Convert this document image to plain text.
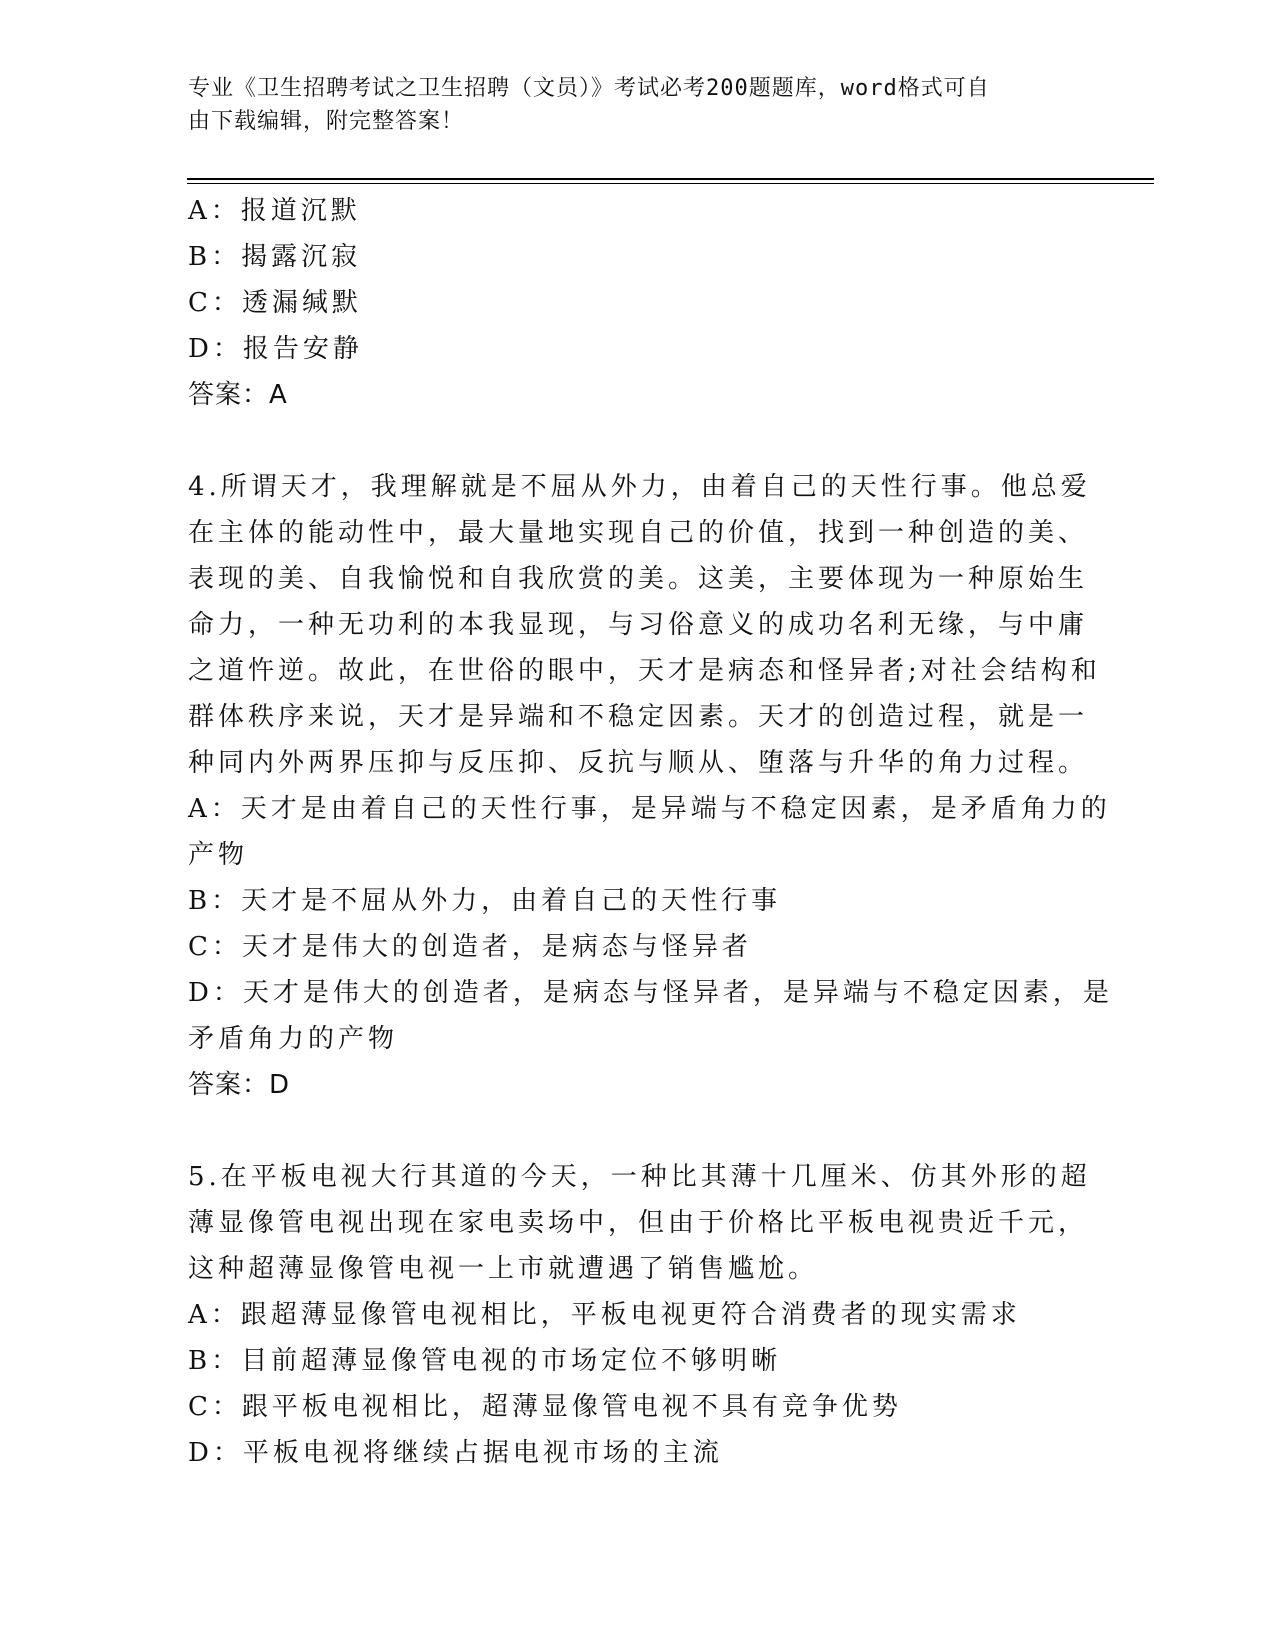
专业《卫生招聘考试之卫生招聘（文员）》考试必考200题题库，word格式可自
由下载编辑，附完整答案！
A：报道沉默
B：揭露沉寂
C：透漏缄默
D：报告安静
答案：A
4.所谓天才，我理解就是不屈从外力，由着自己的天性行事。他总爱
在主体的能动性中，最大量地实现自己的价值，找到一种创造的美、
表现的美、自我愉悦和自我欣赏的美。这美，主要体现为一种原始生
命力，一种无功利的本我显现，与习俗意义的成功名利无缘，与中庸
之道忤逆。故此，在世俗的眼中，天才是病态和怪异者;对社会结构和
群体秩序来说，天才是异端和不稳定因素。天才的创造过程，就是一
种同内外两界压抑与反压抑、反抗与顺从、堕落与升华的角力过程。
A：天才是由着自己的天性行事，是异端与不稳定因素，是矛盾角力的
产物
B：天才是不屈从外力，由着自己的天性行事
C：天才是伟大的创造者，是病态与怪异者
D：天才是伟大的创造者，是病态与怪异者，是异端与不稳定因素，是
矛盾角力的产物
答案：D
5.在平板电视大行其道的今天，一种比其薄十几厘米、仿其外形的超
薄显像管电视出现在家电卖场中，但由于价格比平板电视贵近千元，
这种超薄显像管电视一上市就遭遇了销售尴尬。
A：跟超薄显像管电视相比，平板电视更符合消费者的现实需求
B：目前超薄显像管电视的市场定位不够明晰
C：跟平板电视相比，超薄显像管电视不具有竞争优势
D：平板电视将继续占据电视市场的主流
